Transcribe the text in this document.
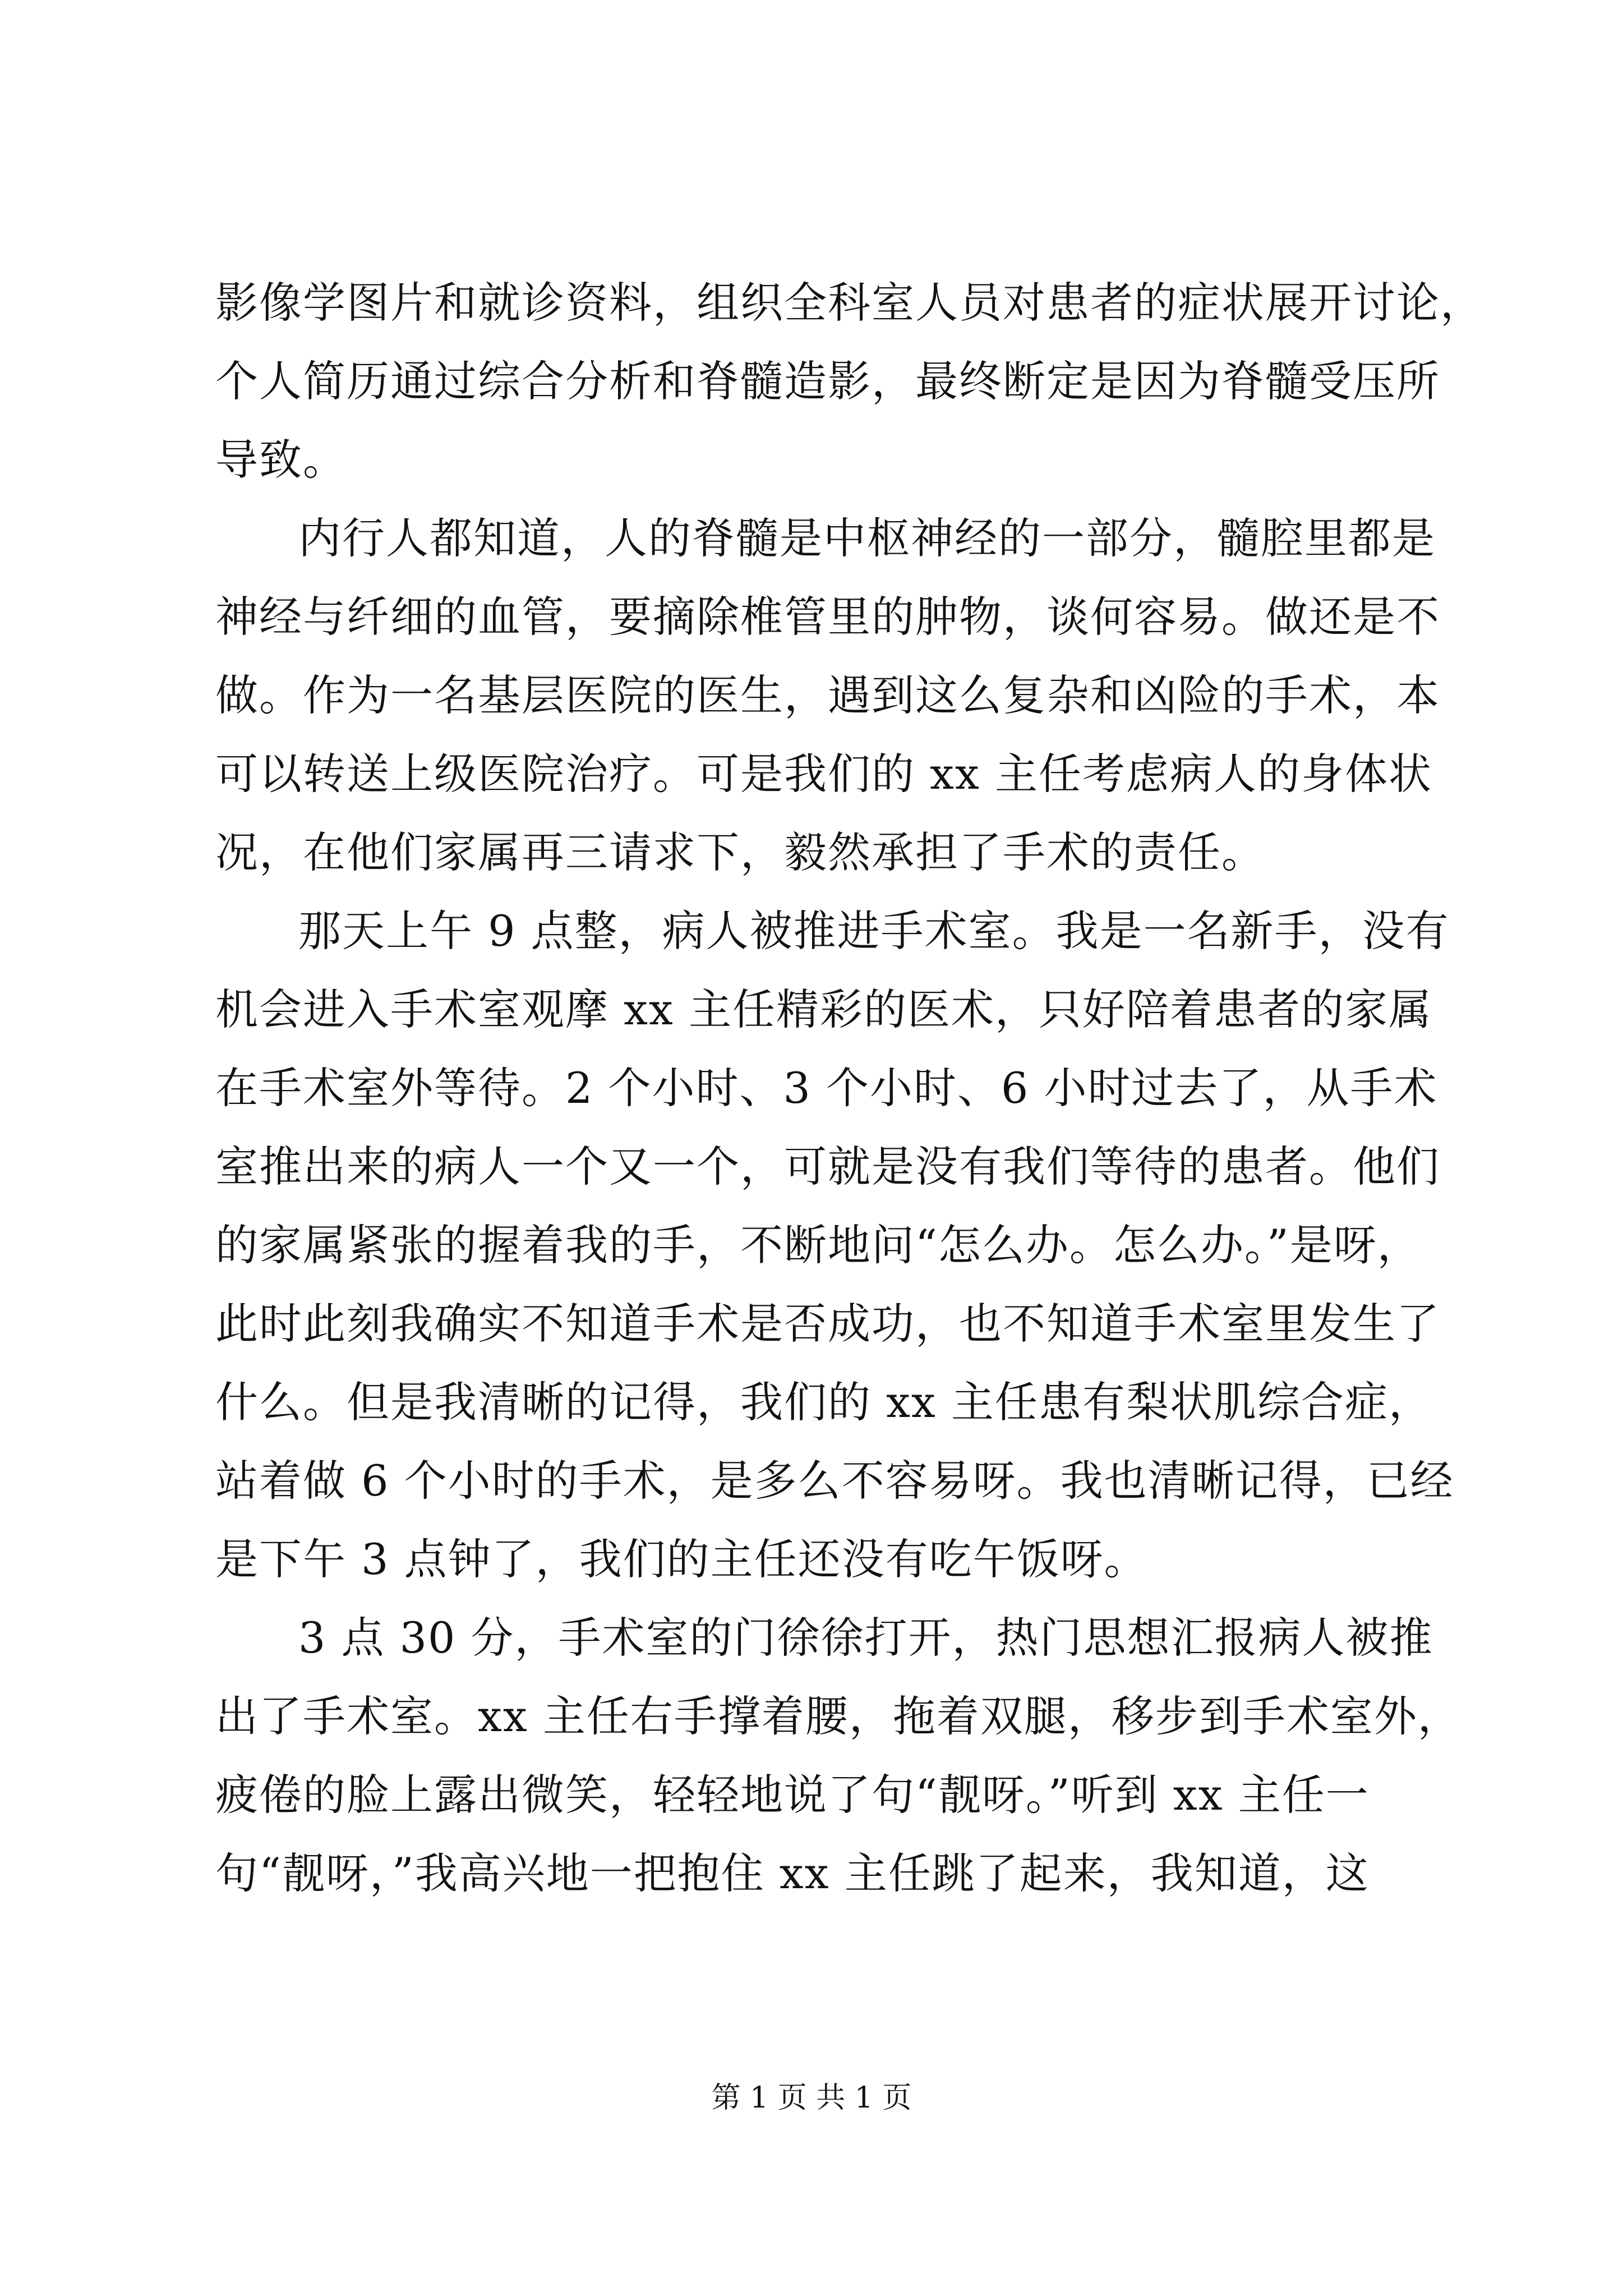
影像学图片和就诊资料，组织全科室人员对患者的症状展开讨论，
个人简历通过综合分析和脊髓造影，最终断定是因为脊髓受压所
导致。
内行人都知道，人的脊髓是中枢神经的一部分，髓腔里都是
神经与纤细的血管，要摘除椎管里的肿物，谈何容易。做还是不
做。作为一名基层医院的医生，遇到这么复杂和凶险的手术，本
可以转送上级医院治疗。可是我们的 xx 主任考虑病人的身体状
况，在他们家属再三请求下，毅然承担了手术的责任。
那天上午 9 点整，病人被推进手术室。我是一名新手，没有
机会进入手术室观摩 xx 主任精彩的医术，只好陪着患者的家属
在手术室外等待。2 个小时、3 个小时、6 小时过去了，从手术
室推出来的病人一个又一个，可就是没有我们等待的患者。他们
的家属紧张的握着我的手，不断地问“怎么办。怎么办。”是呀，
此时此刻我确实不知道手术是否成功，也不知道手术室里发生了
什么。但是我清晰的记得，我们的 xx 主任患有梨状肌综合症，
站着做 6 个小时的手术，是多么不容易呀。我也清晰记得，已经
是下午 3 点钟了，我们的主任还没有吃午饭呀。
3 点 30 分，手术室的门徐徐打开，热门思想汇报病人被推
出了手术室。xx 主任右手撑着腰，拖着双腿，移步到手术室外，
疲倦的脸上露出微笑，轻轻地说了句“靓呀。”听到 xx 主任一
句“靓呀，”我高兴地一把抱住 xx 主任跳了起来，我知道，这
第 1 页 共 1 页
